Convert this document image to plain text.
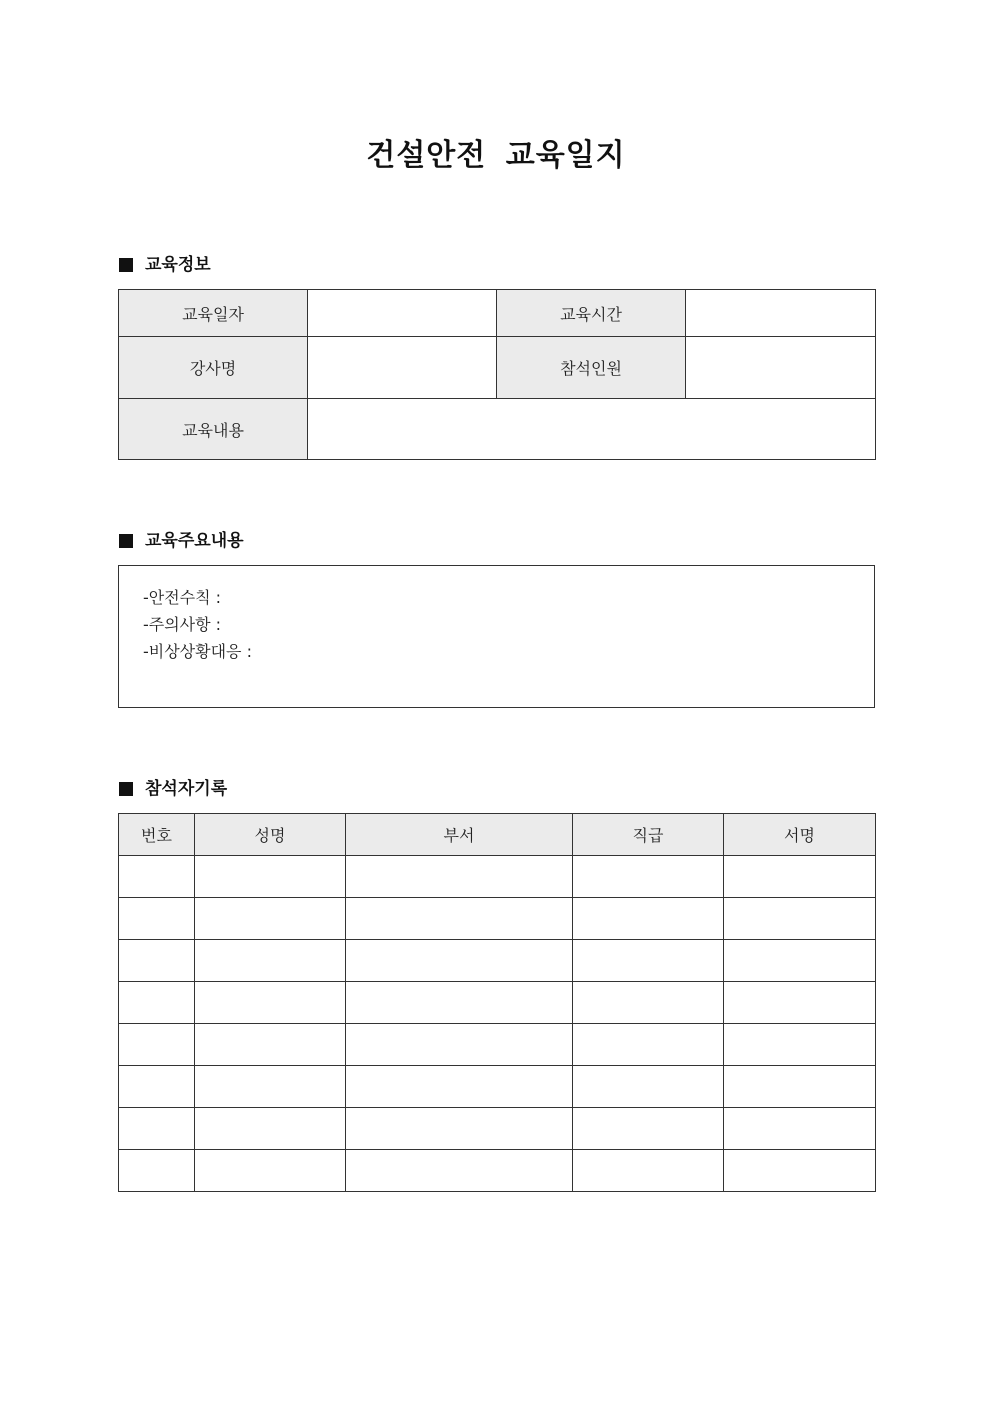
건설안전 교육일지
교육정보
교육일자		교육시간	
강사명		참석인원	
교육내용			
교육주요내용
-안전수칙 :
-주의사항 :
-비상상황대응 :
참석자기록
번호	성명	부서	직급	서명
